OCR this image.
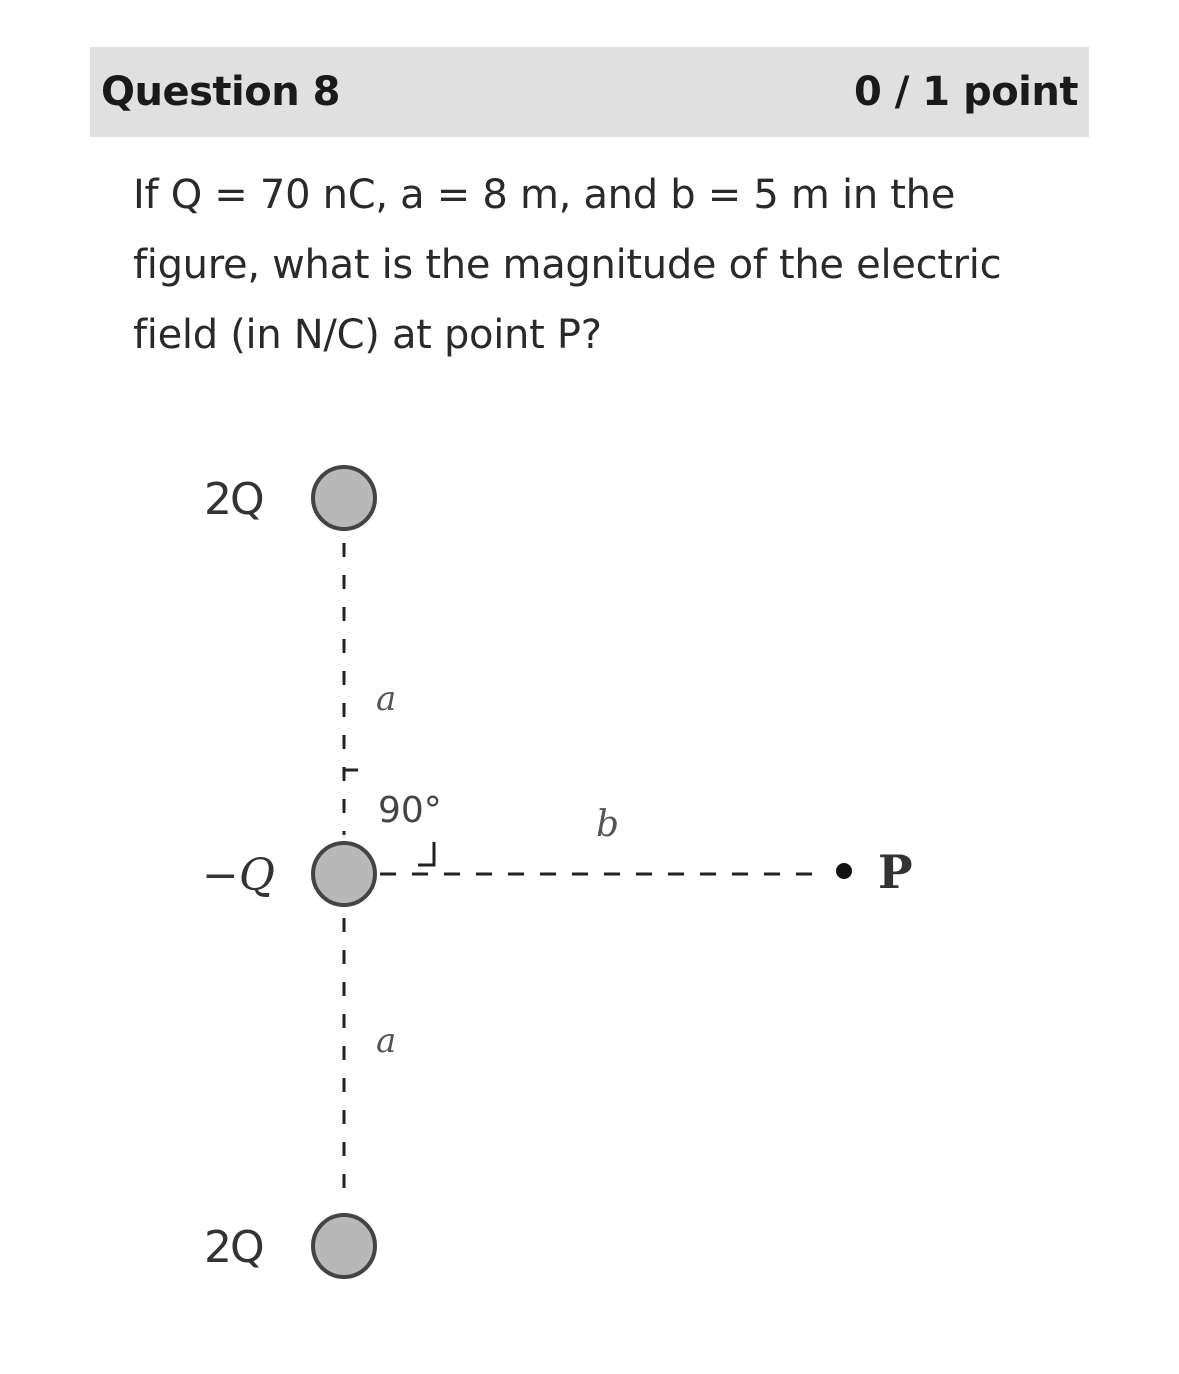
Question 8	0 / 1 point
If Q = 70 nC, a = 8 m, and b = 5 m in the figure, what is the magnitude of the electric field (in N/C) at point P?
2Q
−Q
2Q
a
a
b
90°
P
